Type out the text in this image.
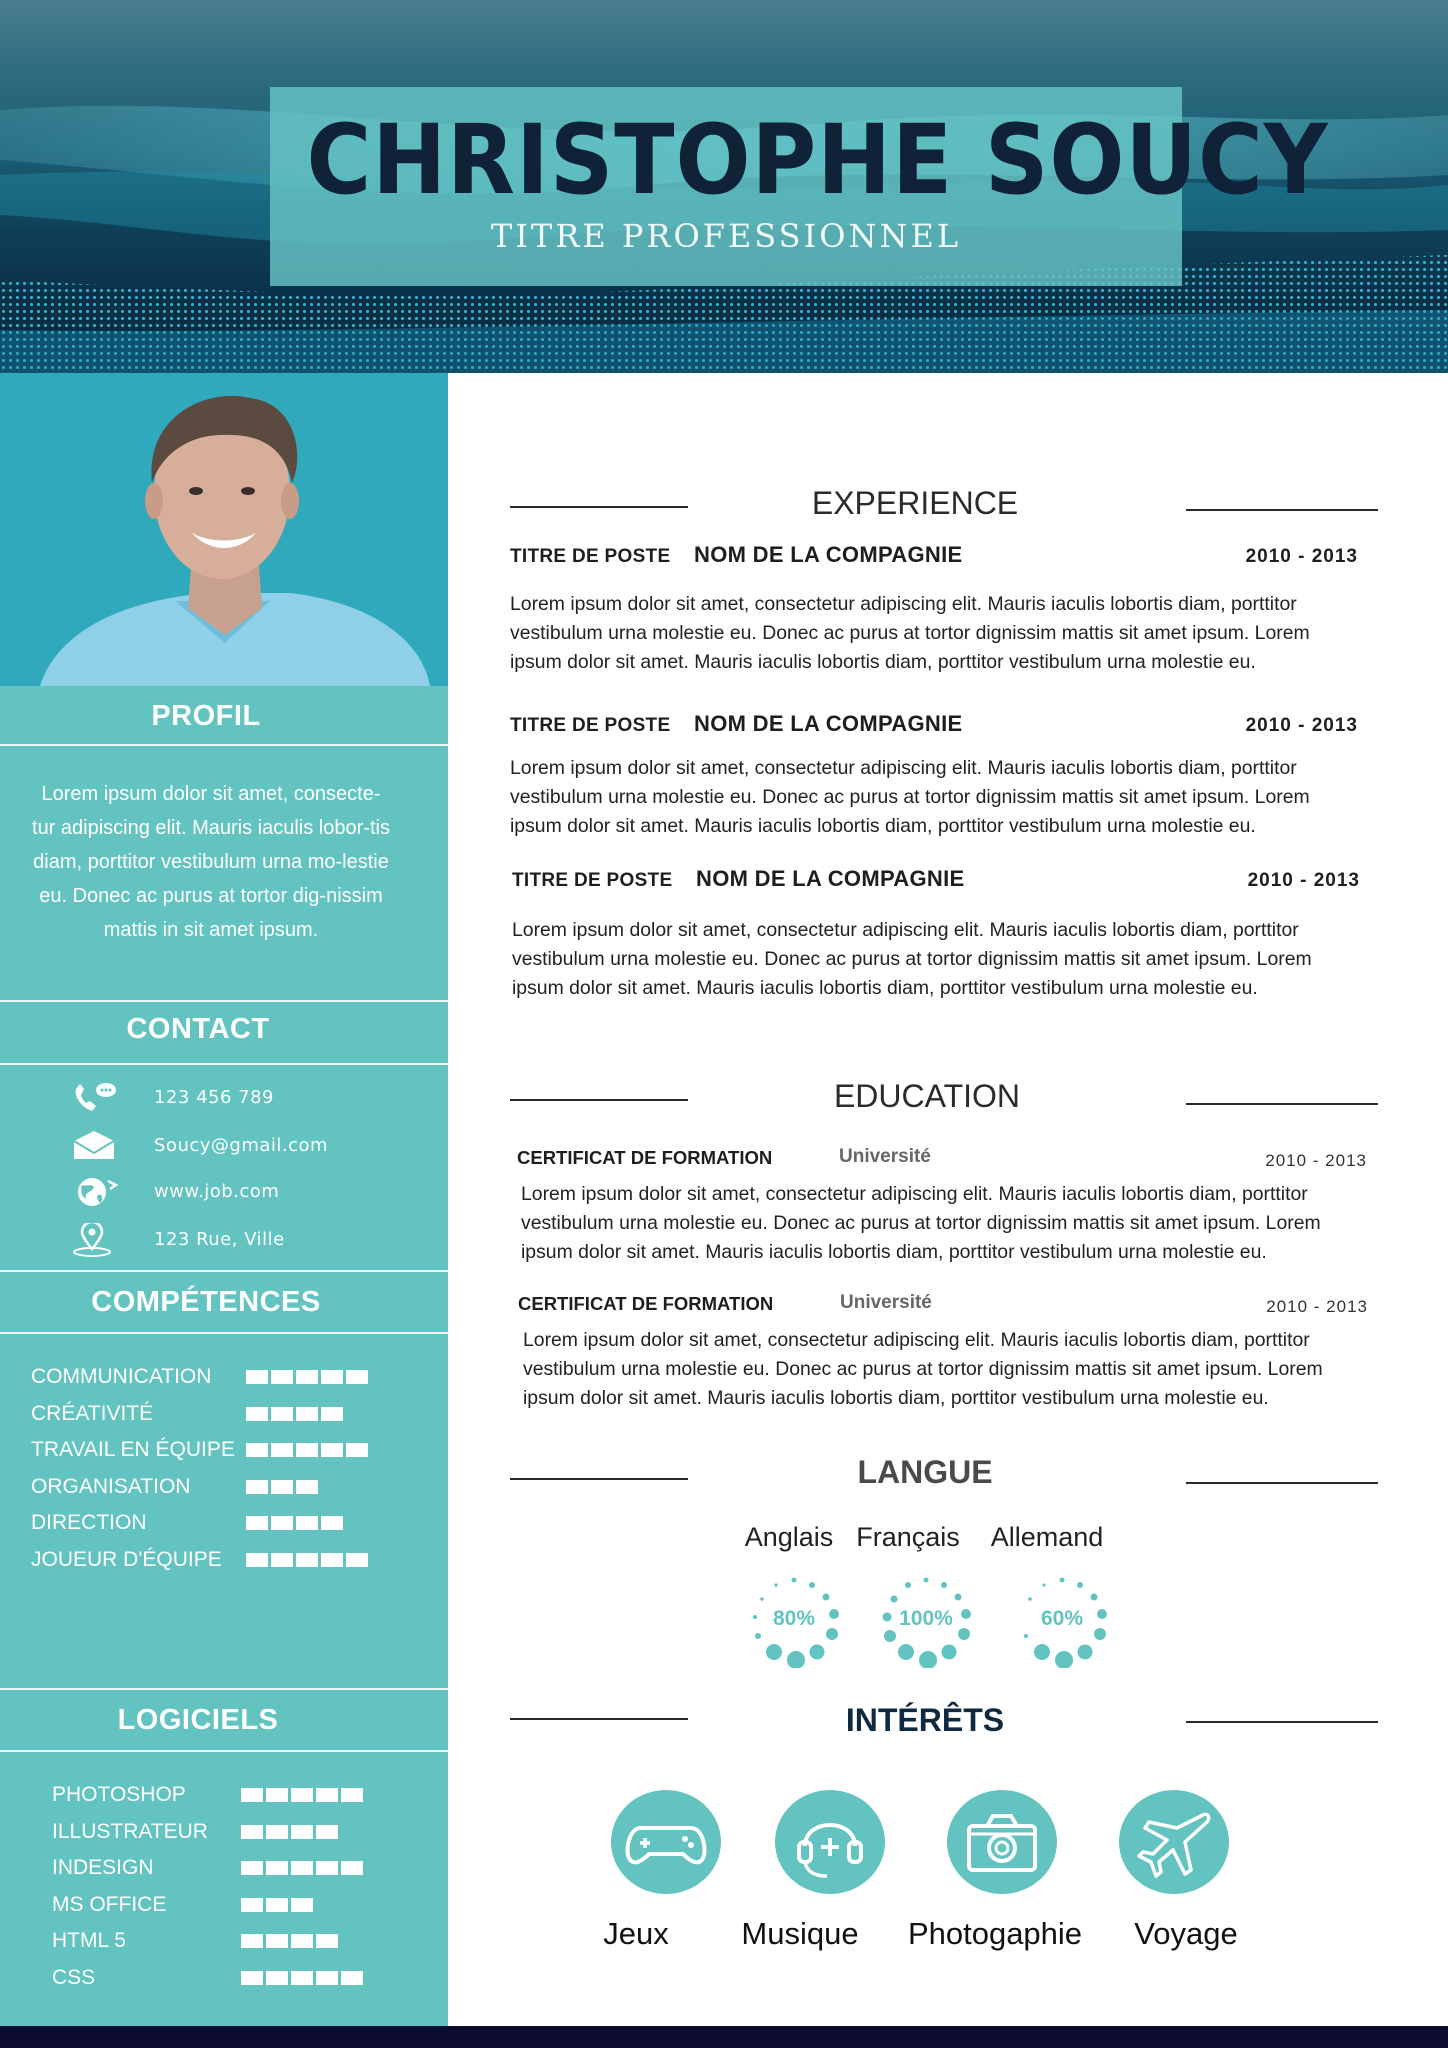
CHRISTOPHE SOUCY
TITRE PROFESSIONNEL
PROFIL
Lorem ipsum dolor sit amet, consecte-tur adipiscing elit. Mauris iaculis lobor-tis diam, porttitor vestibulum urna mo-lestie eu. Donec ac purus at tortor dig-nissim mattis in sit amet ipsum.
CONTACT
123 456 789
Soucy@gmail.com
www.job.com
123 Rue, Ville
COMPÉTENCES
COMMUNICATION
CRÉATIVITÉ
TRAVAIL EN ÉQUIPE
ORGANISATION
DIRECTION
JOUEUR D'ÉQUIPE
LOGICIELS
PHOTOSHOP
ILLUSTRATEUR
INDESIGN
MS OFFICE
HTML 5
CSS
EXPERIENCE
TITRE DE POSTE NOM DE LA COMPAGNIE	2010 - 2013
Lorem ipsum dolor sit amet, consectetur adipiscing elit. Mauris iaculis lobortis diam, porttitor vestibulum urna molestie eu. Donec ac purus at tortor dignissim mattis sit amet ipsum. Lorem ipsum dolor sit amet. Mauris iaculis lobortis diam, porttitor vestibulum urna molestie eu.
TITRE DE POSTE NOM DE LA COMPAGNIE	2010 - 2013
Lorem ipsum dolor sit amet, consectetur adipiscing elit. Mauris iaculis lobortis diam, porttitor vestibulum urna molestie eu. Donec ac purus at tortor dignissim mattis sit amet ipsum. Lorem ipsum dolor sit amet. Mauris iaculis lobortis diam, porttitor vestibulum urna molestie eu.
TITRE DE POSTE NOM DE LA COMPAGNIE	2010 - 2013
Lorem ipsum dolor sit amet, consectetur adipiscing elit. Mauris iaculis lobortis diam, porttitor vestibulum urna molestie eu. Donec ac purus at tortor dignissim mattis sit amet ipsum. Lorem ipsum dolor sit amet. Mauris iaculis lobortis diam, porttitor vestibulum urna molestie eu.
EDUCATION
CERTIFICAT DE FORMATION	Université	2010 - 2013
Lorem ipsum dolor sit amet, consectetur adipiscing elit. Mauris iaculis lobortis diam, porttitor vestibulum urna molestie eu. Donec ac purus at tortor dignissim mattis sit amet ipsum. Lorem ipsum dolor sit amet. Mauris iaculis lobortis diam, porttitor vestibulum urna molestie eu.
CERTIFICAT DE FORMATION	Université	2010 - 2013
Lorem ipsum dolor sit amet, consectetur adipiscing elit. Mauris iaculis lobortis diam, porttitor vestibulum urna molestie eu. Donec ac purus at tortor dignissim mattis sit amet ipsum. Lorem ipsum dolor sit amet. Mauris iaculis lobortis diam, porttitor vestibulum urna molestie eu.
LANGUE
Anglais Français	Allemand
80%	100%	60%
INTÉRÊTS
Jeux	Musique	Photogaphie	Voyage
